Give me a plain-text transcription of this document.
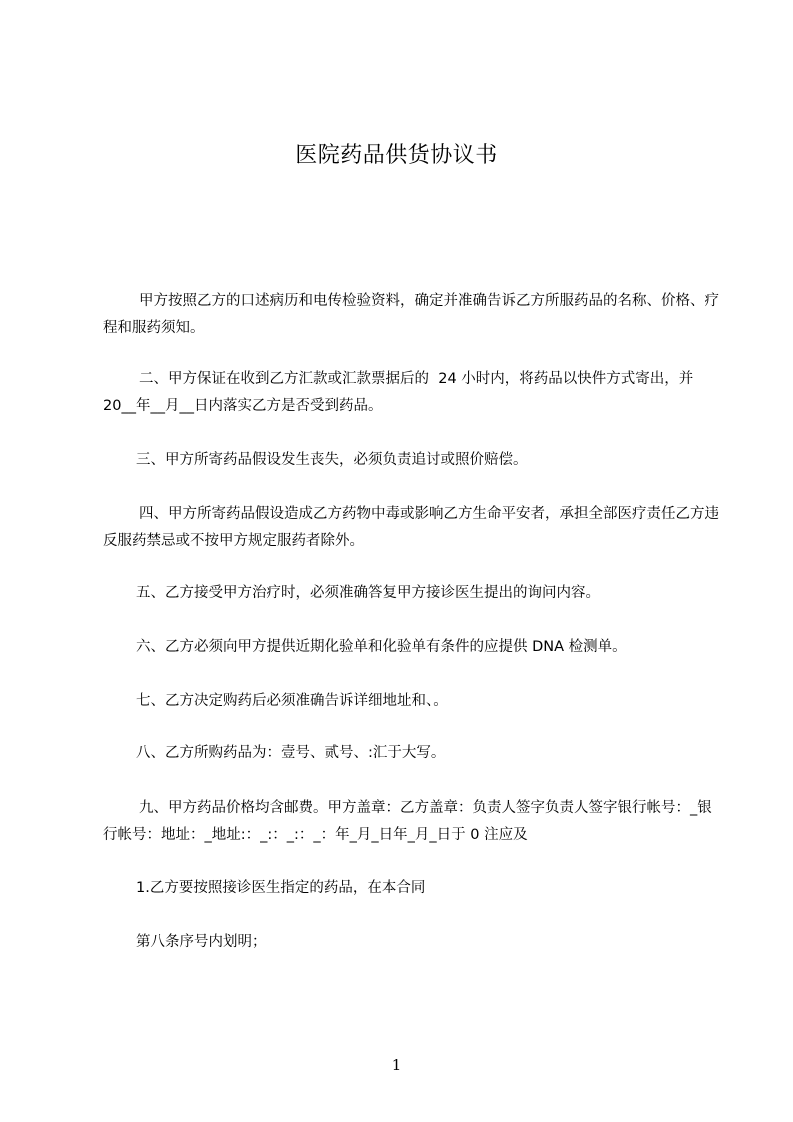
医院药品供货协议书

甲方按照乙方的口述病历和电传检验资料，确定并准确告诉乙方所服药品的名称、价格、疗程和服药须知。

二、甲方保证在收到乙方汇款或汇款票据后的  24 小时内，将药品以快件方式寄出，并 20__年__月__日内落实乙方是否受到药品。

三、甲方所寄药品假设发生丧失，必须负责追讨或照价赔偿。

四、甲方所寄药品假设造成乙方药物中毒或影响乙方生命平安者，承担全部医疗责任乙方违反服药禁忌或不按甲方规定服药者除外。

五、乙方接受甲方治疗时，必须准确答复甲方接诊医生提出的询问内容。

六、乙方必须向甲方提供近期化验单和化验单有条件的应提供 DNA 检测单。

七、乙方决定购药后必须准确告诉详细地址和、。

八、乙方所购药品为：壹号、贰号、:汇于大写。

九、甲方药品价格均含邮费。甲方盖章：乙方盖章：负责人签字负责人签字银行帐号：_银行帐号：地址：_地址:：_:：_:：_：年_月_日年_月_日于 0 注应及

1.乙方要按照接诊医生指定的药品，在本合同

第八条序号内划明；

1
